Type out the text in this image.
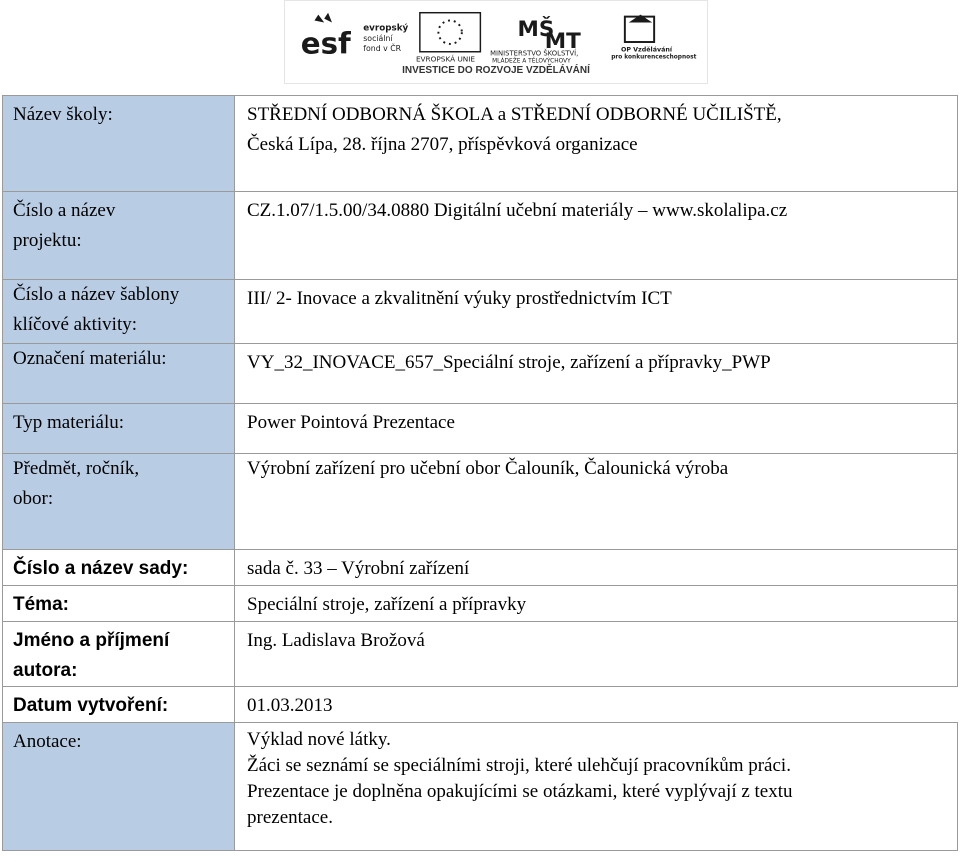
esf evropský
sociální
fond v ČR
EVROPSKÁ UNIE
MŠ
MT
MINISTERSTVO ŠKOLSTVÍ,
MLÁDEŽE A TĚLOVÝCHOVY
OP Vzdělávání
pro konkurenceschopnost
INVESTICE DO ROZVOJE VZDĚLÁVÁNÍ
Název školy:	STŘEDNÍ ODBORNÁ ŠKOLA a STŘEDNÍ ODBORNÉ UČILIŠTĚ,
Česká Lípa, 28. října 2707, příspěvková organizace

Číslo a název
projektu:	CZ.1.07/1.5.00/34.0880 Digitální učební materiály – www.skolalipa.cz

Číslo a název šablony
klíčové aktivity:	III/ 2- Inovace a zkvalitnění výuky prostřednictvím ICT
Označení materiálu:	VY_32_INOVACE_657_Speciální stroje, zařízení a přípravky_PWP
Typ materiálu:	Power Pointová Prezentace

Předmět, ročník,
obor:	Výrobní zařízení pro učební obor Čalouník, Čalounická výroba
Číslo a název sady:	sada č. 33 – Výrobní zařízení
Téma:	Speciální stroje, zařízení a přípravky

Jméno a příjmení
autora:	Ing. Ladislava Brožová
Datum vytvoření:	01.03.2013
Anotace:	Výklad nové látky.
Žáci se seznámí se speciálními stroji, které ulehčují pracovníkům práci.
Prezentace je doplněna opakujícími se otázkami, které vyplývají z textu
prezentace.
